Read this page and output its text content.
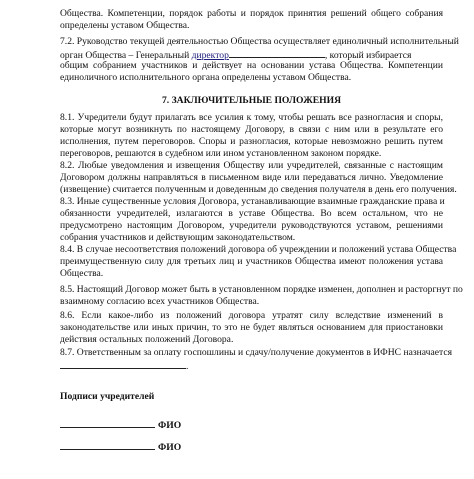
Общества. Компетенции, порядок работы и порядок принятия решений общего собрания
определены уставом Общества.
7.2. Руководство текущей деятельностью Общества осуществляет единоличный исполнительный
орган Общества – Генеральный директор	, который избирается
общим собранием участников и действует на основании устава Общества. Компетенции
единоличного исполнительного органа определены уставом Общества.
7. ЗАКЛЮЧИТЕЛЬНЫЕ ПОЛОЖЕНИЯ
8.1. Учредители будут прилагать все усилия к тому, чтобы решать все разногласия и споры,
которые могут возникнуть по настоящему Договору, в связи с ним или в результате его
исполнения, путем переговоров. Споры и разногласия, которые невозможно решить путем
переговоров, решаются в судебном или ином установленном законом порядке.
8.2. Любые уведомления и извещения Обществу или учредителей, связанные с настоящим
Договором должны направляться в письменном виде или передаваться лично. Уведомление
(извещение) считается полученным и доведенным до сведения получателя в день его получения.
8.3. Иные существенные условия Договора, устанавливающие взаимные гражданские права и
обязанности учредителей, излагаются в уставе Общества. Во всем остальном, что не
предусмотрено настоящим Договором, учредители руководствуются уставом, решениями
собрания участников и действующим законодательством.
8.4. В случае несоответствия положений договора об учреждении и положений устава Общества
преимущественную силу для третьих лиц и участников Общества имеют положения устава
Общества.
8.5. Настоящий Договор может быть в установленном порядке изменен, дополнен и расторгнут по
взаимному согласию всех участников Общества.
8.6. Если какое-либо из положений договора утратят силу вследствие изменений в
законодательстве или иных причин, то это не будет являться основанием для приостановки
действия остальных положений Договора.
8.7. Ответственным за оплату госпошлины и сдачу/получение документов в ИФНС назначается
.
Подписи учредителей
ФИО
ФИО
